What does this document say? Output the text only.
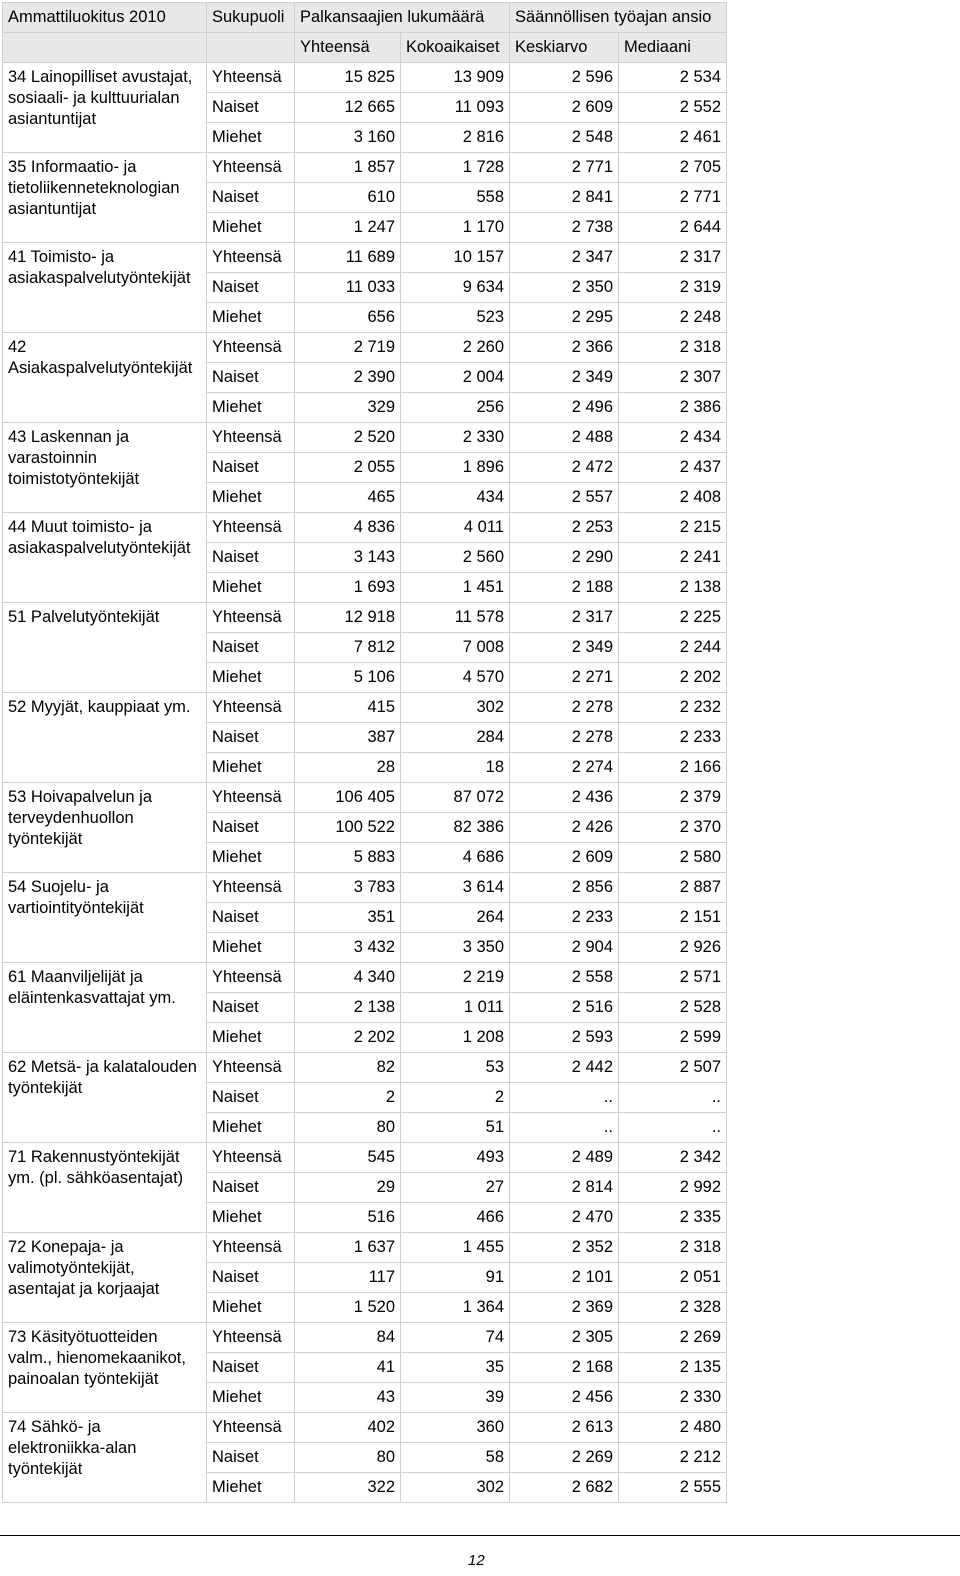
Ammattiluokitus 2010	Sukupuoli	Palkansaajien lukumäärä		Säännöllisen työajan ansio	
		Yhteensä	Kokoaikaiset	Keskiarvo	Mediaani
34 Lainopilliset avustajat, sosiaali- ja kulttuurialan asiantuntijat	Yhteensä	15 825	13 909	2 596	2 534
	Naiset	12 665	11 093	2 609	2 552
	Miehet	3 160	2 816	2 548	2 461
35 Informaatio- ja tietoliikenneteknologian asiantuntijat	Yhteensä	1 857	1 728	2 771	2 705
	Naiset	610	558	2 841	2 771
	Miehet	1 247	1 170	2 738	2 644
41 Toimisto- ja asiakaspalvelutyöntekijät	Yhteensä	11 689	10 157	2 347	2 317
	Naiset	11 033	9 634	2 350	2 319
	Miehet	656	523	2 295	2 248
42 Asiakaspalvelutyöntekijät	Yhteensä	2 719	2 260	2 366	2 318
	Naiset	2 390	2 004	2 349	2 307
	Miehet	329	256	2 496	2 386
43 Laskennan ja varastoinnin toimistotyöntekijät	Yhteensä	2 520	2 330	2 488	2 434
	Naiset	2 055	1 896	2 472	2 437
	Miehet	465	434	2 557	2 408
44 Muut toimisto- ja asiakaspalvelutyöntekijät	Yhteensä	4 836	4 011	2 253	2 215
	Naiset	3 143	2 560	2 290	2 241
	Miehet	1 693	1 451	2 188	2 138
51 Palvelutyöntekijät	Yhteensä	12 918	11 578	2 317	2 225
	Naiset	7 812	7 008	2 349	2 244
	Miehet	5 106	4 570	2 271	2 202
52 Myyjät, kauppiaat ym.	Yhteensä	415	302	2 278	2 232
	Naiset	387	284	2 278	2 233
	Miehet	28	18	2 274	2 166
53 Hoivapalvelun ja terveydenhuollon työntekijät	Yhteensä	106 405	87 072	2 436	2 379
	Naiset	100 522	82 386	2 426	2 370
	Miehet	5 883	4 686	2 609	2 580
54 Suojelu- ja vartiointityöntekijät	Yhteensä	3 783	3 614	2 856	2 887
	Naiset	351	264	2 233	2 151
	Miehet	3 432	3 350	2 904	2 926
61 Maanviljelijät ja eläintenkasvattajat ym.	Yhteensä	4 340	2 219	2 558	2 571
	Naiset	2 138	1 011	2 516	2 528
	Miehet	2 202	1 208	2 593	2 599
62 Metsä- ja kalatalouden työntekijät	Yhteensä	82	53	2 442	2 507
	Naiset	2	2	..	..
	Miehet	80	51	..	..
71 Rakennustyöntekijät ym. (pl. sähköasentajat)	Yhteensä	545	493	2 489	2 342
	Naiset	29	27	2 814	2 992
	Miehet	516	466	2 470	2 335
72 Konepaja- ja valimotyöntekijät, asentajat ja korjaajat	Yhteensä	1 637	1 455	2 352	2 318
	Naiset	117	91	2 101	2 051
	Miehet	1 520	1 364	2 369	2 328
73 Käsityötuotteiden valm., hienomekaanikot, painoalan työntekijät	Yhteensä	84	74	2 305	2 269
	Naiset	41	35	2 168	2 135
	Miehet	43	39	2 456	2 330
74 Sähkö- ja elektroniikka-alan työntekijät	Yhteensä	402	360	2 613	2 480
	Naiset	80	58	2 269	2 212
	Miehet	322	302	2 682	2 555
12
